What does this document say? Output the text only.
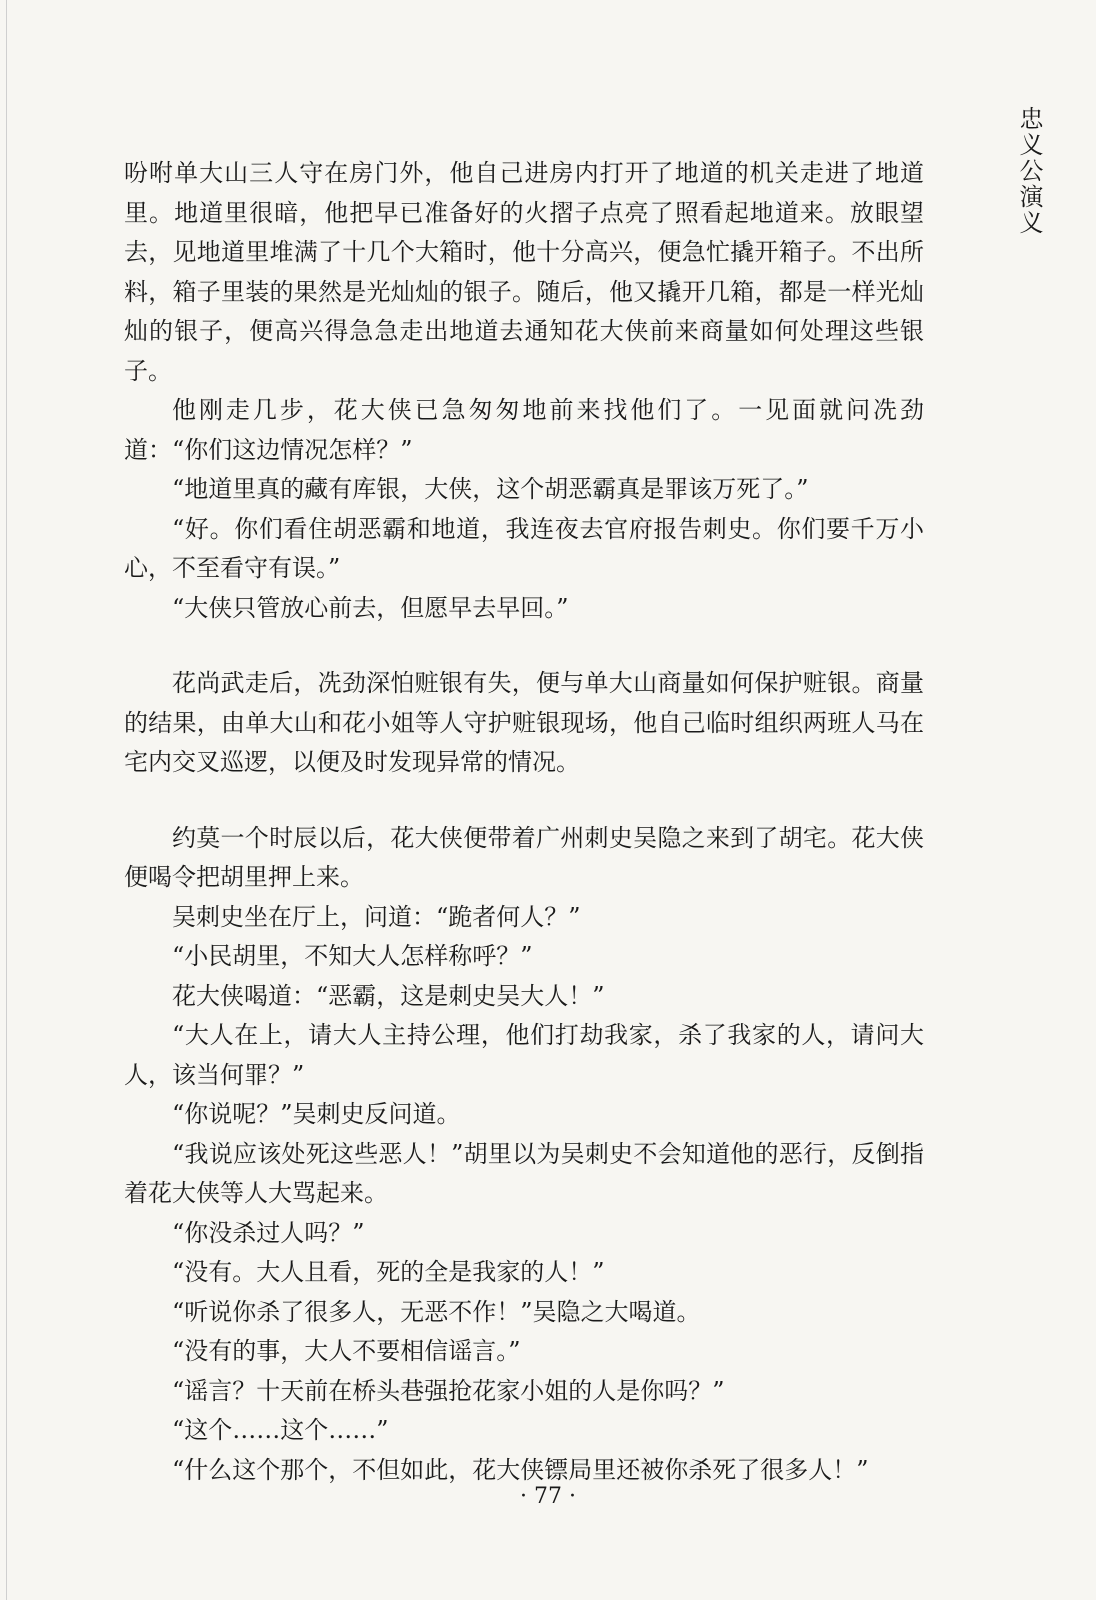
忠义公演义

吩咐单大山三人守在房门外，他自己进房内打开了地道的机关走进了地道里。地道里很暗，他把早已准备好的火摺子点亮了照看起地道来。放眼望去，见地道里堆满了十几个大箱时，他十分高兴，便急忙撬开箱子。不出所料，箱子里装的果然是光灿灿的银子。随后，他又撬开几箱，都是一样光灿灿的银子，便高兴得急急走出地道去通知花大侠前来商量如何处理这些银子。

他刚走几步，花大侠已急匆匆地前来找他们了。一见面就问冼劲道：“你们这边情况怎样？”

“地道里真的藏有库银，大侠，这个胡恶霸真是罪该万死了。”

“好。你们看住胡恶霸和地道，我连夜去官府报告刺史。你们要千万小心，不至看守有误。”

“大侠只管放心前去，但愿早去早回。”

花尚武走后，冼劲深怕赃银有失，便与单大山商量如何保护赃银。商量的结果，由单大山和花小姐等人守护赃银现场，他自己临时组织两班人马在宅内交叉巡逻，以便及时发现异常的情况。

约莫一个时辰以后，花大侠便带着广州刺史吴隐之来到了胡宅。花大侠便喝令把胡里押上来。

吴刺史坐在厅上，问道：“跪者何人？”

“小民胡里，不知大人怎样称呼？”

花大侠喝道：“恶霸，这是刺史吴大人！”

“大人在上，请大人主持公理，他们打劫我家，杀了我家的人，请问大人，该当何罪？”

“你说呢？”吴刺史反问道。

“我说应该处死这些恶人！”胡里以为吴刺史不会知道他的恶行，反倒指着花大侠等人大骂起来。

“你没杀过人吗？”

“没有。大人且看，死的全是我家的人！”

“听说你杀了很多人，无恶不作！”吴隐之大喝道。

“没有的事，大人不要相信谣言。”

“谣言？十天前在桥头巷强抢花家小姐的人是你吗？”

“这个……这个……”

“什么这个那个，不但如此，花大侠镖局里还被你杀死了很多人！”

· 77 ·
